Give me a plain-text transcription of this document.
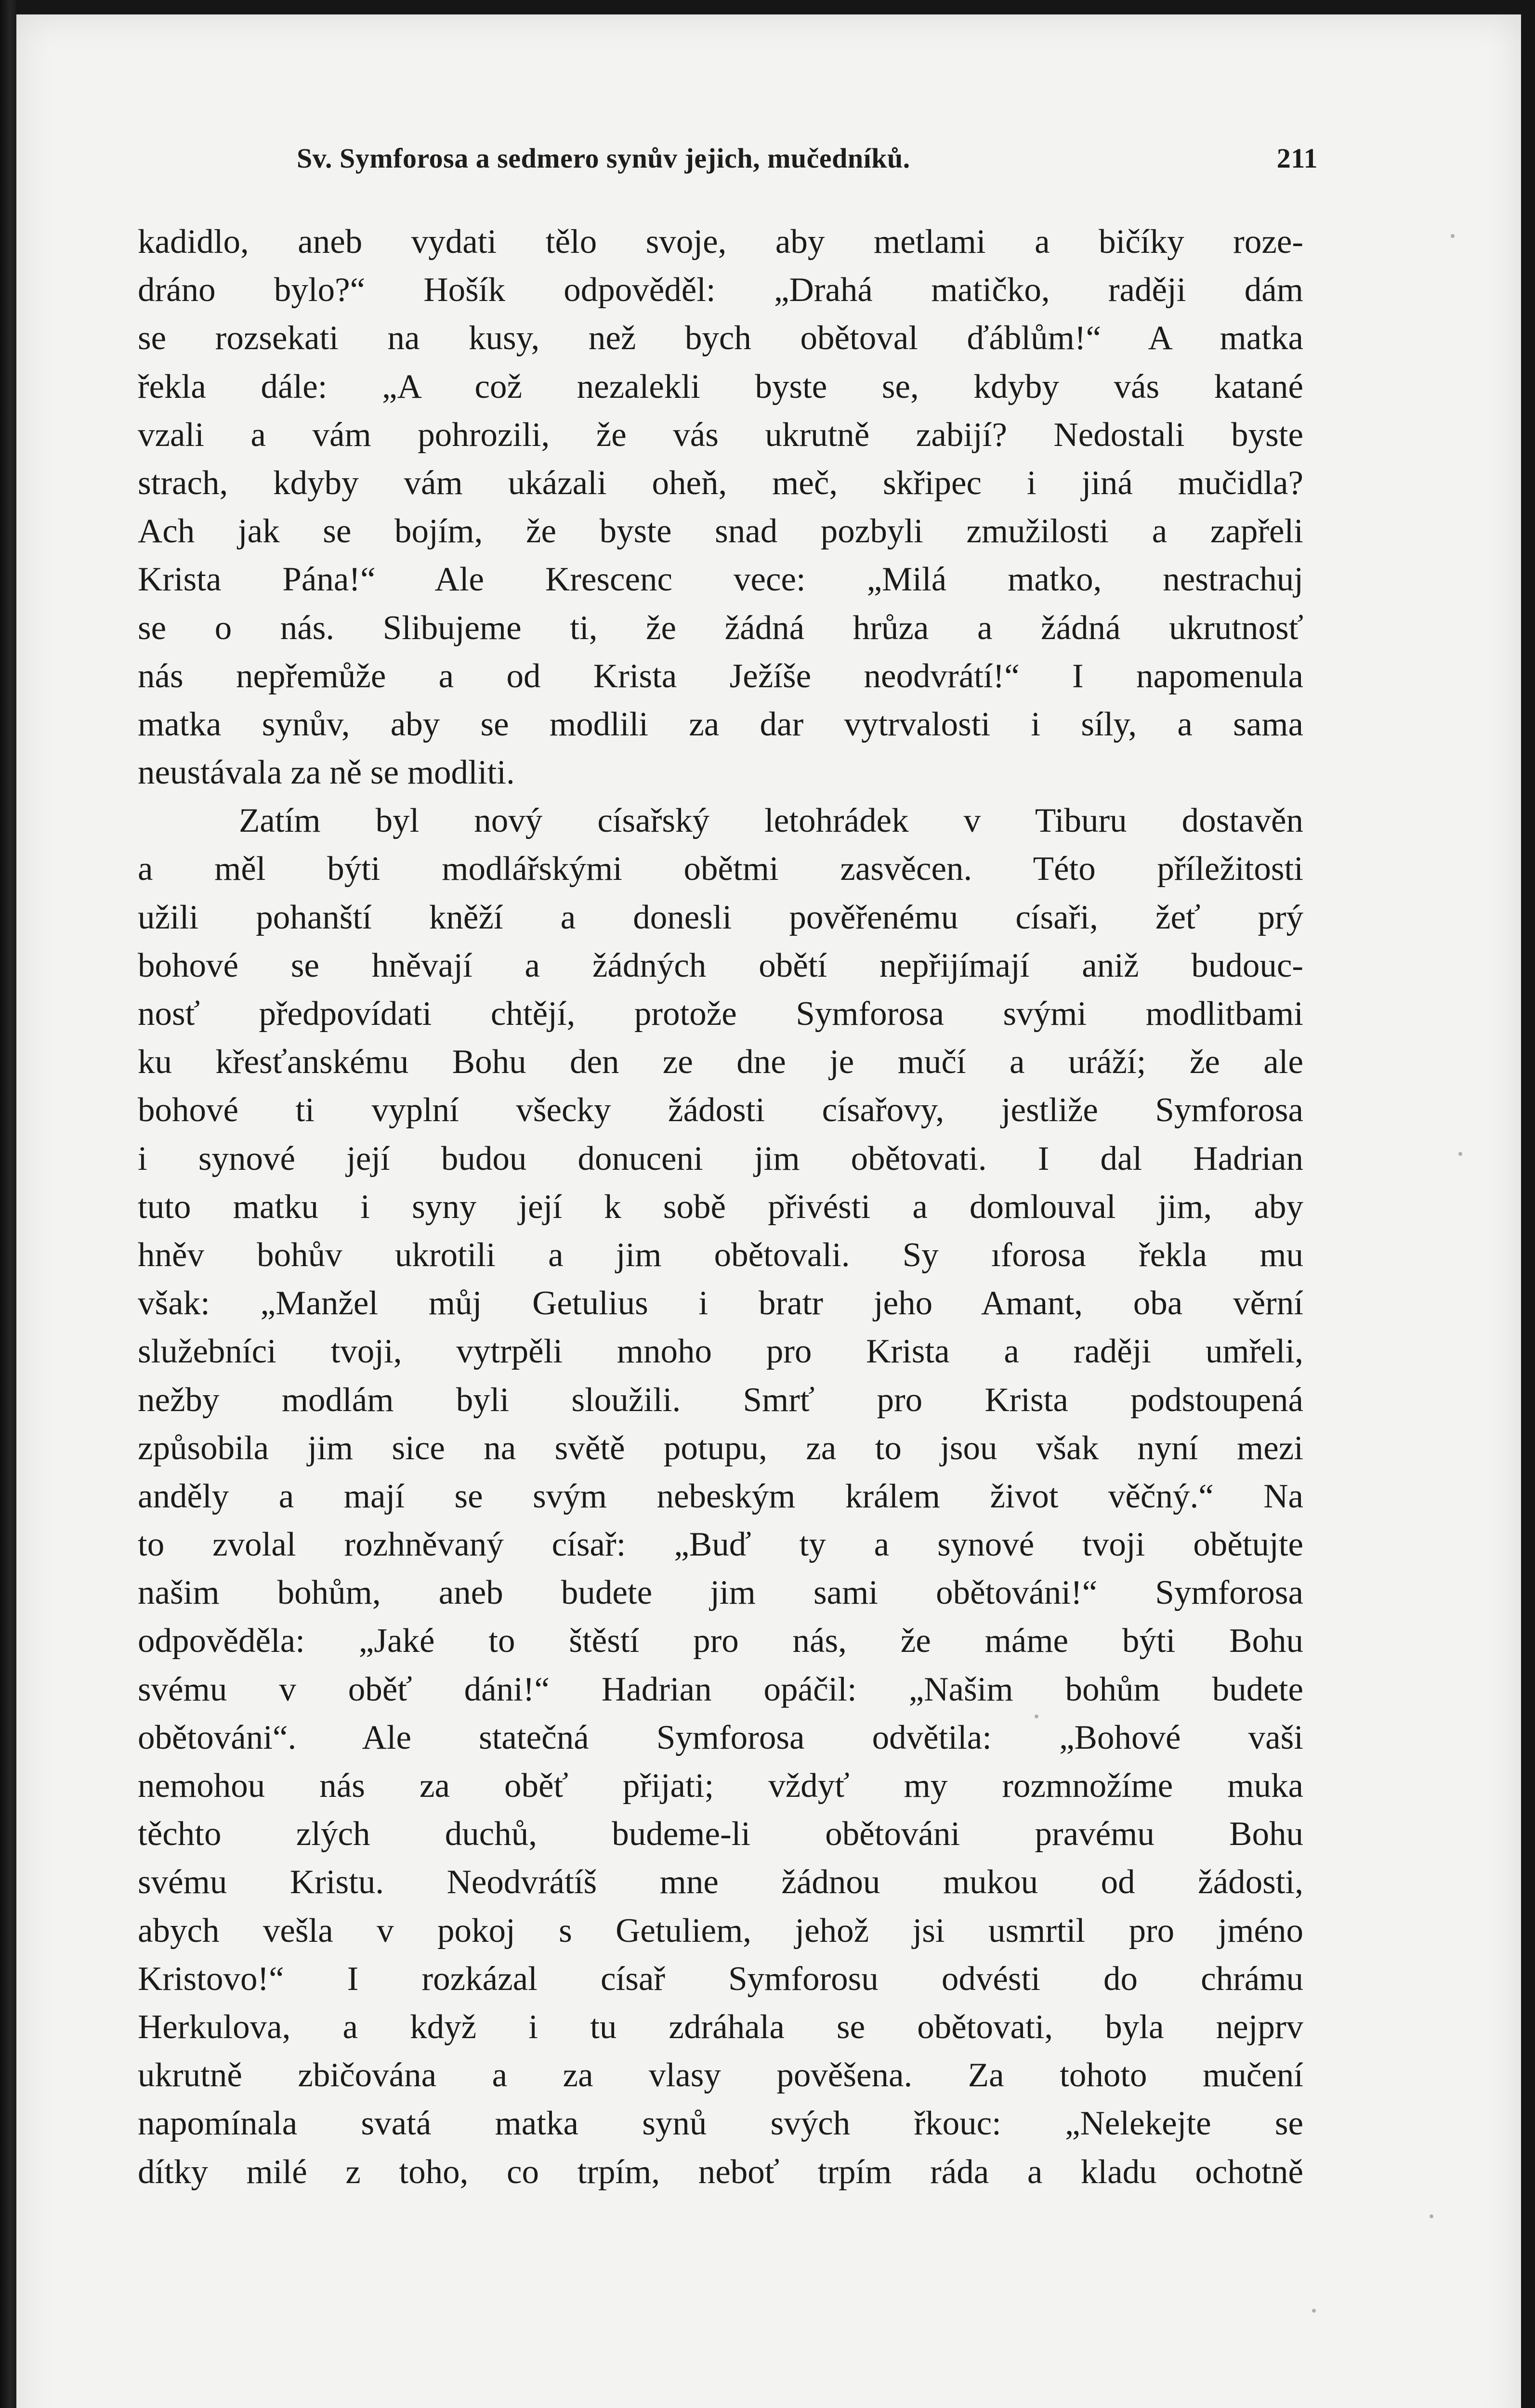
Sv. Symforosa a sedmero synův jejich, mučedníků.	211
kadidlo, aneb vydati tělo svoje, aby metlami a bičíky roze-
dráno bylo?“ Hošík odpověděl: „Drahá matičko, raději dám
se rozsekati na kusy, než bych obětoval ďáblům!“ A matka
řekla dále: „A což nezalekli byste se, kdyby vás katané
vzali a vám pohrozili, že vás ukrutně zabijí? Nedostali byste
strach, kdyby vám ukázali oheň, meč, skřipec i jiná mučidla?
Ach jak se bojím, že byste snad pozbyli zmužilosti a zapřeli
Krista Pána!“ Ale Krescenc vece: „Milá matko, nestrachuj
se o nás. Slibujeme ti, že žádná hrůza a žádná ukrutnosť
nás nepřemůže a od Krista Ježíše neodvrátí!“ I napomenula
matka synův, aby se modlili za dar vytrvalosti i síly, a sama
neustávala za ně se modliti.
Zatím byl nový císařský letohrádek v Tiburu dostavěn
a měl býti modlářskými obětmi zasvěcen. Této příležitosti
užili pohanští kněží a donesli pověřenému císaři, žeť prý
bohové se hněvají a žádných obětí nepřijímají aniž budouc-
nosť předpovídati chtějí, protože Symforosa svými modlitbami
ku křesťanskému Bohu den ze dne je mučí a uráží; že ale
bohové ti vyplní všecky žádosti císařovy, jestliže Symforosa
i synové její budou donuceni jim obětovati. I dal Hadrian
tuto matku i syny její k sobě přivésti a domlouval jim, aby
hněv bohův ukrotili a jim obětovali. Sy ıforosa řekla mu
však: „Manžel můj Getulius i bratr jeho Amant, oba věrní
služebníci tvoji, vytrpěli mnoho pro Krista a raději umřeli,
nežby modlám byli sloužili. Smrť pro Krista podstoupená
způsobila jim sice na světě potupu, za to jsou však nyní mezi
anděly a mají se svým nebeským králem život věčný.“ Na
to zvolal rozhněvaný císař: „Buď ty a synové tvoji obětujte
našim bohům, aneb budete jim sami obětováni!“ Symforosa
odpověděla: „Jaké to štěstí pro nás, že máme býti Bohu
svému v oběť dáni!“ Hadrian opáčil: „Našim bohům budete
obětováni“. Ale statečná Symforosa odvětila: „Bohové vaši
nemohou nás za oběť přijati; vždyť my rozmnožíme muka
těchto zlých duchů, budeme-li obětováni pravému Bohu
svému Kristu. Neodvrátíš mne žádnou mukou od žádosti,
abych vešla v pokoj s Getuliem, jehož jsi usmrtil pro jméno
Kristovo!“ I rozkázal císař Symforosu odvésti do chrámu
Herkulova, a když i tu zdráhala se obětovati, byla nejprv
ukrutně zbičována a za vlasy pověšena. Za tohoto mučení
napomínala svatá matka synů svých řkouc: „Nelekejte se
dítky milé z toho, co trpím, neboť trpím ráda a kladu ochotně
